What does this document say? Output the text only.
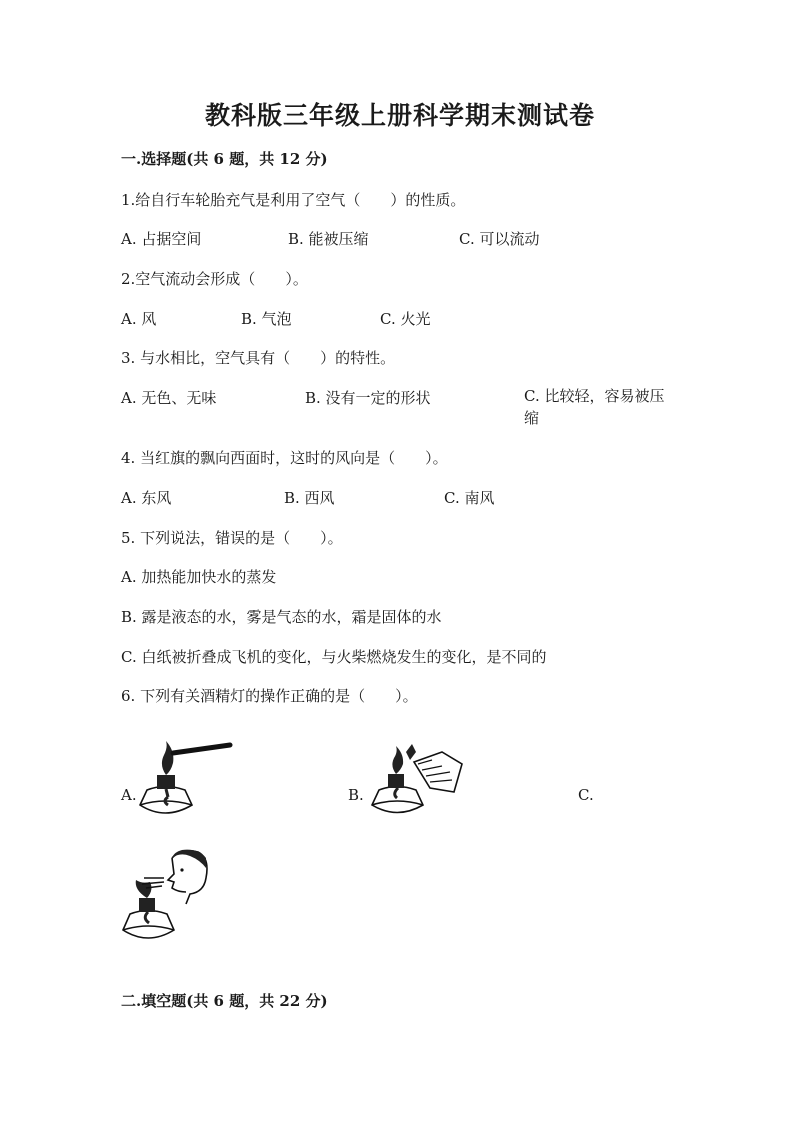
教科版三年级上册科学期末测试卷
一.选择题(共 6 题，共 12 分)
1.给自行车轮胎充气是利用了空气（　　）的性质。
A. 占据空间	B. 能被压缩	C. 可以流动
2.空气流动会形成（　　）。
A. 风	B. 气泡	C. 火光
3. 与水相比，空气具有（　　）的特性。
A. 无色、无味	B. 没有一定的形状	C. 比较轻，容易被压缩
4. 当红旗的飘向西面时，这时的风向是（　　）。
A. 东风	B. 西风	C. 南风
5. 下列说法，错误的是（　　）。
A. 加热能加快水的蒸发
B. 露是液态的水，雾是气态的水，霜是固体的水
C. 白纸被折叠成飞机的变化，与火柴燃烧发生的变化，是不同的
6. 下列有关酒精灯的操作正确的是（　　）。
A.	B.	C.
二.填空题(共 6 题，共 22 分)
